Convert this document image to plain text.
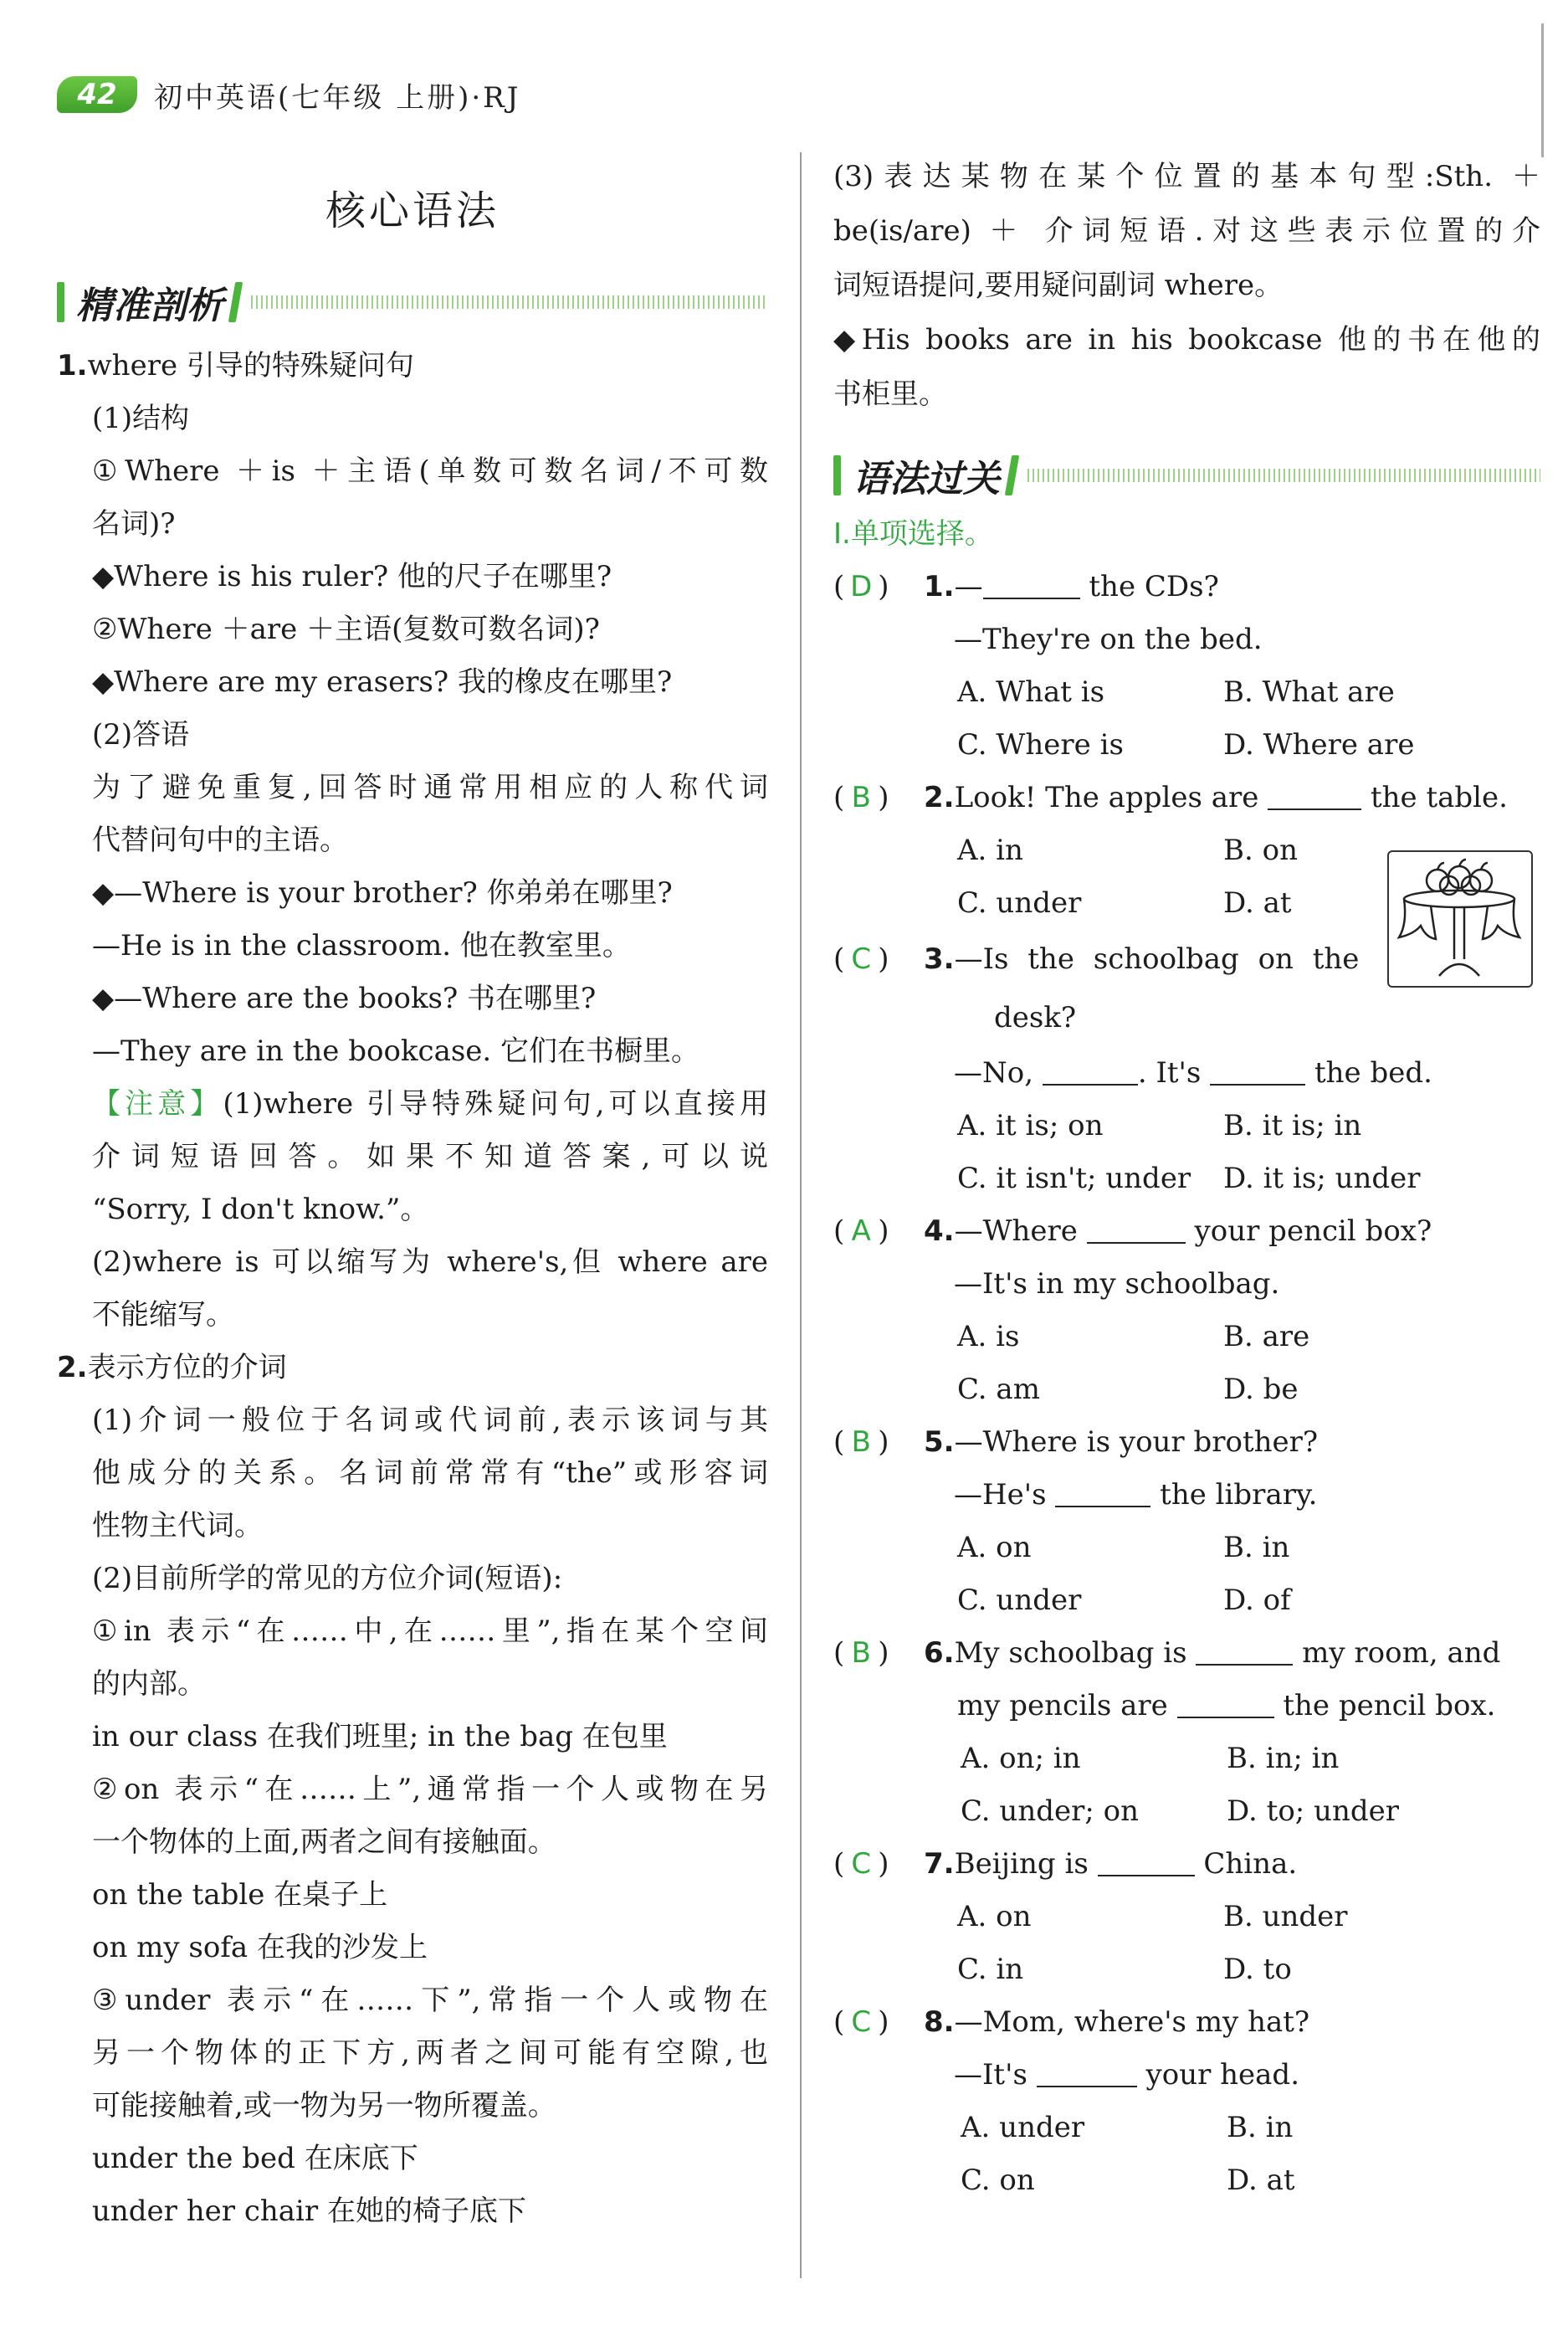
42	初中英语(七年级 上册)·RJ
核心语法
精准剖析
1.where 引导的特殊疑问句
(1)结构
①Where ＋is ＋主语(单数可数名词/不可数
名词)?
◆Where is his ruler? 他的尺子在哪里?
②Where ＋are ＋主语(复数可数名词)?
◆Where are my erasers? 我的橡皮在哪里?
(2)答语
为了避免重复,回答时通常用相应的人称代词
代替问句中的主语。
◆—Where is your brother? 你弟弟在哪里?
—He is in the classroom. 他在教室里。
◆—Where are the books? 书在哪里?
—They are in the bookcase. 它们在书橱里。
【注意】(1)where 引导特殊疑问句,可以直接用
介词短语回答。如果不知道答案,可以说
“Sorry, I don't know.”。
(2)where is 可以缩写为 where's,但 where are
不能缩写。
2.表示方位的介词
(1)介词一般位于名词或代词前,表示该词与其
他成分的关系。名词前常常有“the”或形容词
性物主代词。
(2)目前所学的常见的方位介词(短语):
①in 表示“在……中,在……里”,指在某个空间
的内部。
in our class 在我们班里; in the bag 在包里
②on 表示“在……上”,通常指一个人或物在另
一个物体的上面,两者之间有接触面。
on the table 在桌子上
on my sofa 在我的沙发上
③under 表示“在……下”,常指一个人或物在
另一个物体的正下方,两者之间可能有空隙,也
可能接触着,或一物为另一物所覆盖。
under the bed 在床底下
under her chair 在她的椅子底下
(3)表达某物在某个位置的基本句型:Sth. ＋
be(is/are) ＋ 介词短语.对这些表示位置的介
词短语提问,要用疑问副词 where。
◆His books are in his bookcase 他的书在他的
书柜里。
语法过关
Ⅰ.单项选择。
( D ) 1.—	the CDs?
—They're on the bed.
A. What is	B. What are
C. Where is	D. Where are
( B ) 2.Look! The apples are	the table.
A. in	B. on
C. under	D. at
( C ) 3.—Is the schoolbag on the
desk?
—No,	. It's	the bed.
A. it is; on	B. it is; in
C. it isn't; under D. it is; under
( A ) 4.—Where	your pencil box?
—It's in my schoolbag.
A. is	B. are
C. am	D. be
( B ) 5.—Where is your brother?
—He's	the library.
A. on	B. in
C. under	D. of
( B ) 6.My schoolbag is	my room, and
my pencils are	the pencil box.
A. on; in	B. in; in
C. under; on	D. to; under
( C ) 7.Beijing is	China.
A. on	B. under
C. in	D. to
( C ) 8.—Mom, where's my hat?
—It's	your head.
A. under	B. in
C. on	D. at
